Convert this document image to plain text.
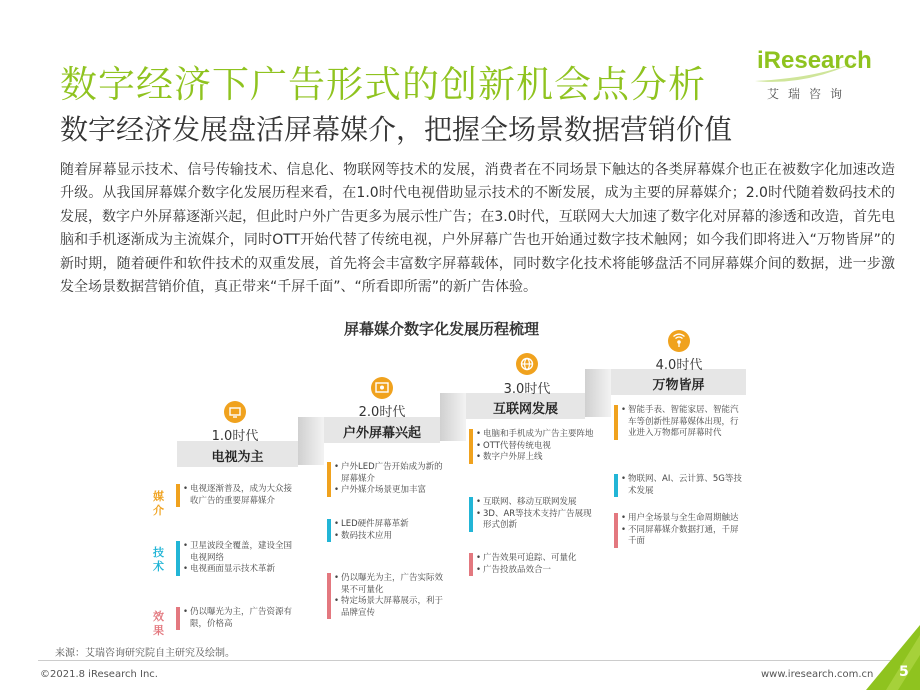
数字经济下广告形式的创新机会点分析
数字经济发展盘活屏幕媒介，把握全场景数据营销价值
iResearch
艾瑞咨询
随着屏幕显示技术、信号传输技术、信息化、物联网等技术的发展，消费者在不同场景下触达的各类屏幕媒介也正在被数字化加速改造升级。从我国屏幕媒介数字化发展历程来看，在1.0时代电视借助显示技术的不断发展，成为主要的屏幕媒介；2.0时代随着数码技术的发展，数字户外屏幕逐渐兴起，但此时户外广告更多为展示性广告；在3.0时代，互联网大大加速了数字化对屏幕的渗透和改造，首先电脑和手机逐渐成为主流媒介，同时OTT开始代替了传统电视，户外屏幕广告也开始通过数字技术触网；如今我们即将进入“万物皆屏”的新时期，随着硬件和软件技术的双重发展，首先将会丰富数字屏幕载体，同时数字化技术将能够盘活不同屏幕媒介间的数据，进一步激发全场景数据营销价值，真正带来“千屏千面”、“所看即所需”的新广告体验。
屏幕媒介数字化发展历程梳理
1.0时代
电视为主
2.0时代
户外屏幕兴起
3.0时代
互联网发展
4.0时代
万物皆屏
媒介
技术
效果
• 电视逐渐普及，成为大众接收广告的重要屏幕媒介
• 卫星波段全覆盖，建设全国电视网络
• 电视画面显示技术革新
• 仍以曝光为主，广告资源有限，价格高
• 户外LED广告开始成为新的屏幕媒介
• 户外媒介场景更加丰富
• LED硬件屏幕革新
• 数码技术应用
• 仍以曝光为主，广告实际效果不可量化
• 特定场景大屏幕展示，利于品牌宣传
• 电脑和手机成为广告主要阵地
• OTT代替传统电视
• 数字户外屏上线
• 互联网、移动互联网发展
• 3D、AR等技术支持广告展现形式创新
• 广告效果可追踪、可量化
• 广告投放品效合一
• 智能手表、智能家居、智能汽车等创新性屏幕媒体出现，行业进入万物都可屏幕时代
• 物联网、AI、云计算、5G等技术发展
• 用户全场景与全生命周期触达
• 不同屏幕媒介数据打通，千屏千面
来源：艾瑞咨询研究院自主研究及绘制。
©2021.8 iResearch Inc.	www.iresearch.com.cn 5
